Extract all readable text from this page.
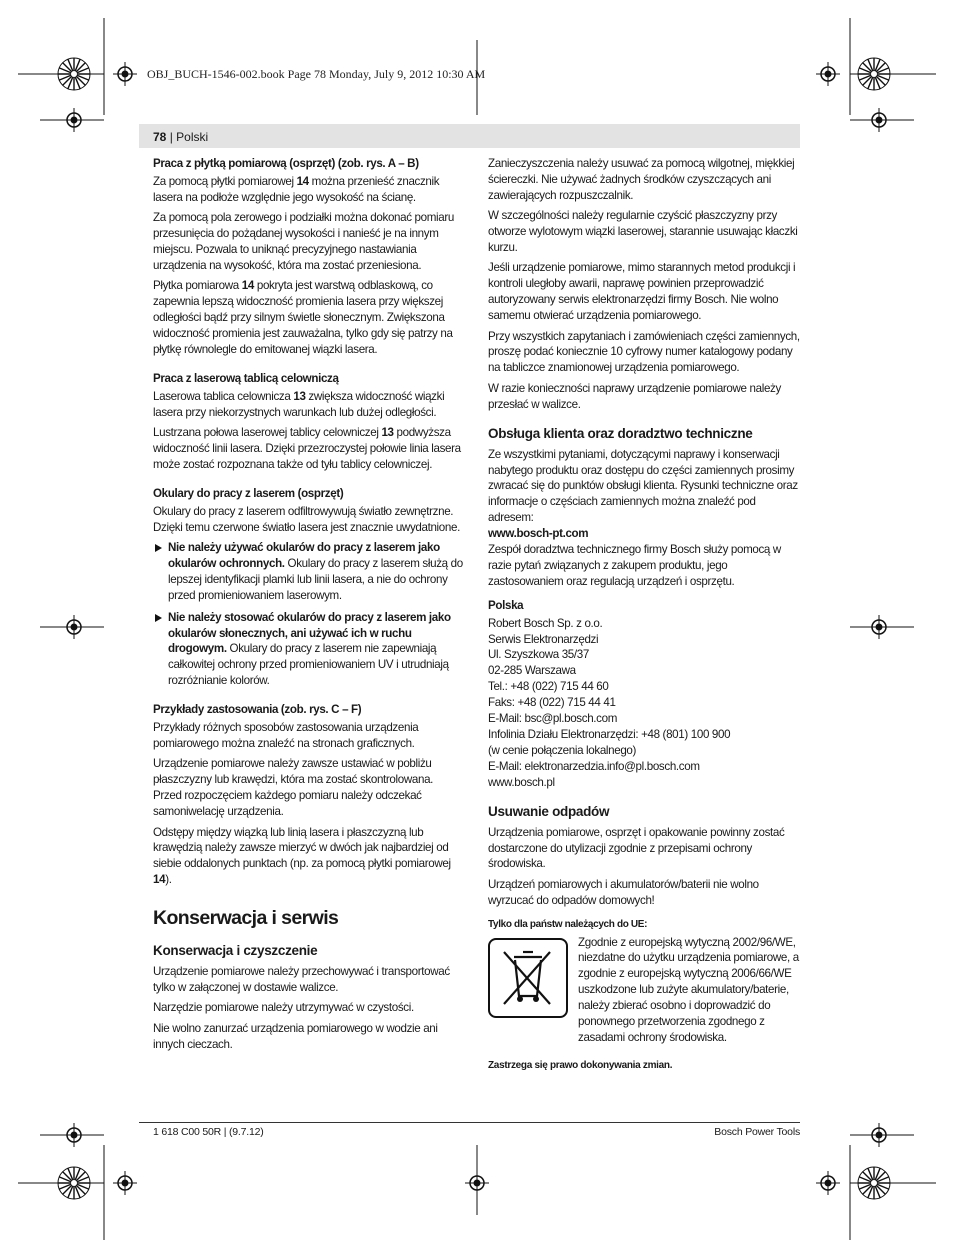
OBJ_BUCH-1546-002.book Page 78 Monday, July 9, 2012 10:30 AM
78 | Polski
Praca z płytką pomiarową (osprzęt) (zob. rys. A – B)

Za pomocą płytki pomiarowej 14 można przenieść znacznik lasera na podłoże względnie jego wysokość na ścianę.

Za pomocą pola zerowego i podziałki można dokonać pomiaru przesunięcia do pożądanej wysokości i nanieść je na innym miejscu. Pozwala to uniknąć precyzyjnego nastawiania urządzenia na wysokość, która ma zostać przeniesiona.

Płytka pomiarowa 14 pokryta jest warstwą odblaskową, co zapewnia lepszą widoczność promienia lasera przy większej odległości bądź przy silnym świetle słonecznym. Zwiększona widoczność promienia jest zauważalna, tylko gdy się patrzy na płytkę równolegle do emitowanej wiązki lasera.

Praca z laserową tablicą celowniczą

Laserowa tablica celownicza 13 zwiększa widoczność wiązki lasera przy niekorzystnych warunkach lub dużej odległości.

Lustrzana połowa laserowej tablicy celowniczej 13 podwyższa widoczność linii lasera. Dzięki przezroczystej połowie linia lasera może zostać rozpoznana także od tyłu tablicy celowniczej.

Okulary do pracy z laserem (osprzęt)

Okulary do pracy z laserem odfiltrowywują światło zewnętrzne. Dzięki temu czerwone światło lasera jest znacznie uwydatnione.

Nie należy używać okularów do pracy z laserem jako okularów ochronnych. Okulary do pracy z laserem służą do lepszej identyfikacji plamki lub linii lasera, a nie do ochrony przed promieniowaniem laserowym.
Nie należy stosować okularów do pracy z laserem jako okularów słonecznych, ani używać ich w ruchu drogowym. Okulary do pracy z laserem nie zapewniają całkowitej ochrony przed promieniowaniem UV i utrudniają rozróżnianie kolorów.
Przykłady zastosowania (zob. rys. C – F)

Przykłady różnych sposobów zastosowania urządzenia pomiarowego można znaleźć na stronach graficznych.

Urządzenie pomiarowe należy zawsze ustawiać w pobliżu płaszczyzny lub krawędzi, która ma zostać skontrolowana. Przed rozpoczęciem każdego pomiaru należy odczekać samoniwelację urządzenia.

Odstępy między wiązką lub linią lasera i płaszczyzną lub krawędzią należy zawsze mierzyć w dwóch jak najbardziej od siebie oddalonych punktach (np. za pomocą płytki pomiarowej 14).

Konserwacja i serwis
Konserwacja i czyszczenie

Urządzenie pomiarowe należy przechowywać i transportować tylko w załączonej w dostawie walizce.

Narzędzie pomiarowe należy utrzymywać w czystości.

Nie wolno zanurzać urządzenia pomiarowego w wodzie ani innych cieczach.

Zanieczyszczenia należy usuwać za pomocą wilgotnej, miękkiej ściereczki. Nie używać żadnych środków czyszczących ani zawierających rozpuszczalnik.

W szczególności należy regularnie czyścić płaszczyzny przy otworze wylotowym wiązki laserowej, starannie usuwając kłaczki kurzu.

Jeśli urządzenie pomiarowe, mimo starannych metod produkcji i kontroli uległoby awarii, naprawę powinien przeprowadzić autoryzowany serwis elektronarzędzi firmy Bosch. Nie wolno samemu otwierać urządzenia pomiarowego.

Przy wszystkich zapytaniach i zamówieniach części zamiennych, proszę podać koniecznie 10 cyfrowy numer katalogowy podany na tabliczce znamionowej urządzenia pomiarowego.

W razie konieczności naprawy urządzenie pomiarowe należy przesłać w walizce.

Obsługa klienta oraz doradztwo techniczne

Ze wszystkimi pytaniami, dotyczącymi naprawy i konserwacji nabytego produktu oraz dostępu do części zamiennych prosimy zwracać się do punktów obsługi klienta. Rysunki techniczne oraz informacje o częściach zamiennych można znaleźć pod adresem:

www.bosch-pt.com

Zespół doradztwa technicznego firmy Bosch służy pomocą w razie pytań związanych z zakupem produktu, jego zastosowaniem oraz regulacją urządzeń i osprzętu.

Polska
Robert Bosch Sp. z o.o.
Serwis Elektronarzędzi
Ul. Szyszkowa 35/37
02-285 Warszawa
Tel.: +48 (022) 715 44 60
Faks: +48 (022) 715 44 41
E-Mail: bsc@pl.bosch.com
Infolinia Działu Elektronarzędzi: +48 (801) 100 900
(w cenie połączenia lokalnego)
E-Mail: elektronarzedzia.info@pl.bosch.com
www.bosch.pl
Usuwanie odpadów

Urządzenia pomiarowe, osprzęt i opakowanie powinny zostać dostarczone do utylizacji zgodnie z przepisami ochrony środowiska.

Urządzeń pomiarowych i akumulatorów/baterii nie wolno wyrzucać do odpadów domowych!

Tylko dla państw należących do UE:
Zgodnie z europejską wytyczną 2002/96/WE, niezdatne do użytku urządzenia pomiarowe, a zgodnie z europejską wytyczną 2006/66/WE uszkodzone lub zużyte akumulatory/baterie, należy zbierać osobno i doprowadzić do ponownego przetworzenia zgodnego z zasadami ochrony środowiska.
Zastrzega się prawo dokonywania zmian.
1 618 C00 50R | (9.7.12)	Bosch Power Tools
